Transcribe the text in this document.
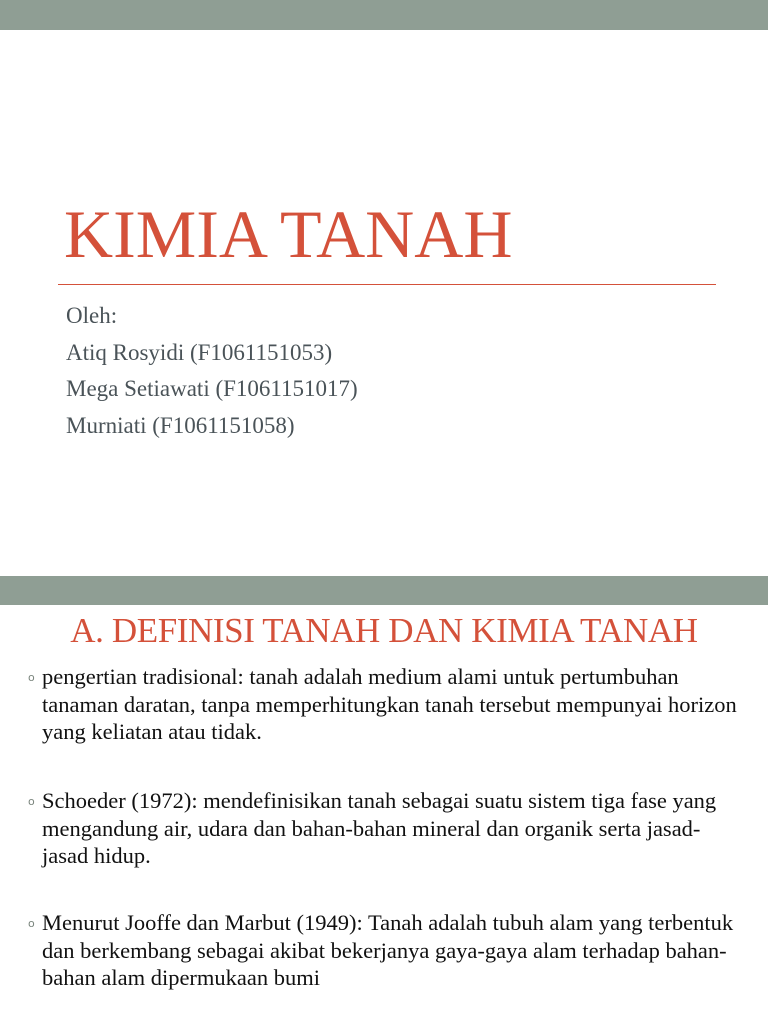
KIMIA TANAH
Oleh:
Atiq Rosyidi (F1061151053)
Mega Setiawati (F1061151017)
Murniati (F1061151058)
A. DEFINISI TANAH DAN KIMIA TANAH
o pengertian tradisional: tanah adalah medium alami untuk pertumbuhan tanaman daratan, tanpa memperhitungkan tanah tersebut mempunyai horizon yang keliatan atau tidak.
o Schoeder (1972): mendefinisikan tanah sebagai suatu sistem tiga fase yang mengandung air, udara dan bahan-bahan mineral dan organik serta jasad-jasad hidup.
o Menurut Jooffe dan Marbut (1949): Tanah adalah tubuh alam yang terbentuk dan berkembang sebagai akibat bekerjanya gaya-gaya alam terhadap bahan-bahan alam dipermukaan bumi
